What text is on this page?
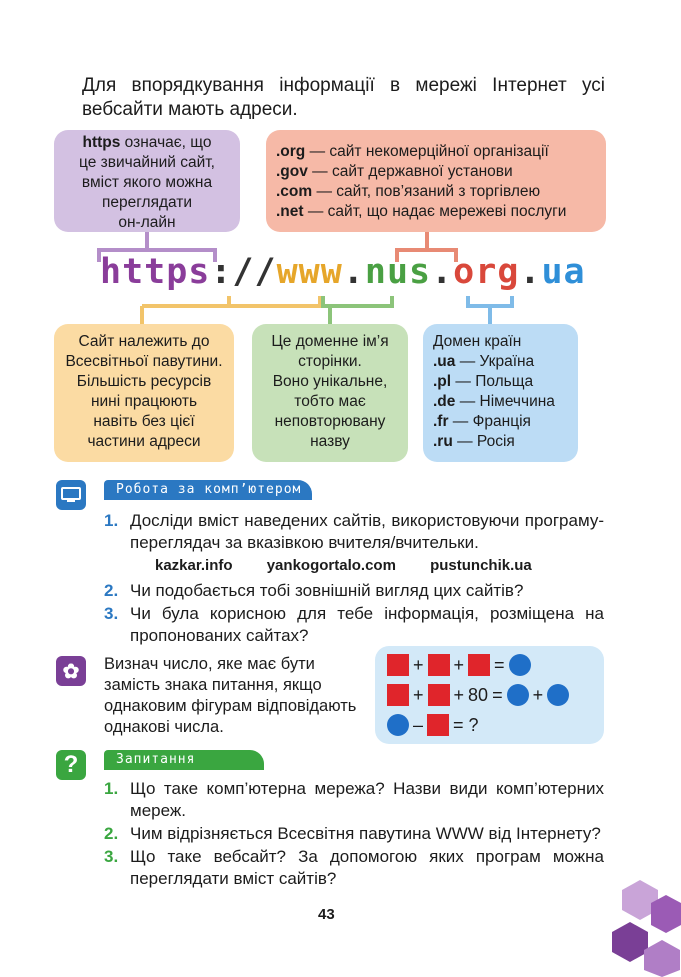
Для впорядкування інформації в мережі Інтернет усі вебсайти мають адреси.
https означає, що
це звичайний сайт,
вміст якого можна
переглядати
он-лайн
.org — сайт некомерційної організації
.gov — сайт державної установи
.com — сайт, пов’язаний з торгівлею
.net — сайт, що надає мережеві послуги
https://www.nus.org.ua
Сайт належить до
Всесвітньої павутини.
Більшість ресурсів
нині працюють
навіть без цієї
частини адреси
Це доменне ім’я
сторінки.
Воно унікальне,
тобто має
неповторювану
назву
Домен країн
.ua — Україна
.pl — Польща
.de — Німеччина
.fr — Франція
.ru — Росія
Робота за комп’ютером
1. Досліди вміст наведених сайтів, використовуючи програму-переглядач за вказівкою вчителя/вчительки.
2. Чи подобається тобі зовнішній вигляд цих сайтів?
3. Чи була корисною для тебе інформація, розміщена на пропонованих сайтах?
kazkar.info yankogortalo.com pustunchik.ua
✿	Визнач число, яке має бути замість знака питання, якщо однаковим фігурам відповідають однакові числа.
+ + =
+ + 80 = +
– = ?
?	Запитання
1. Що таке комп’ютерна мережа? Назви види комп’ютерних мереж.
2. Чим відрізняється Всесвітня павутина WWW від Інтернету?
3. Що таке вебсайт? За допомогою яких програм можна переглядати вміст сайтів?
43
